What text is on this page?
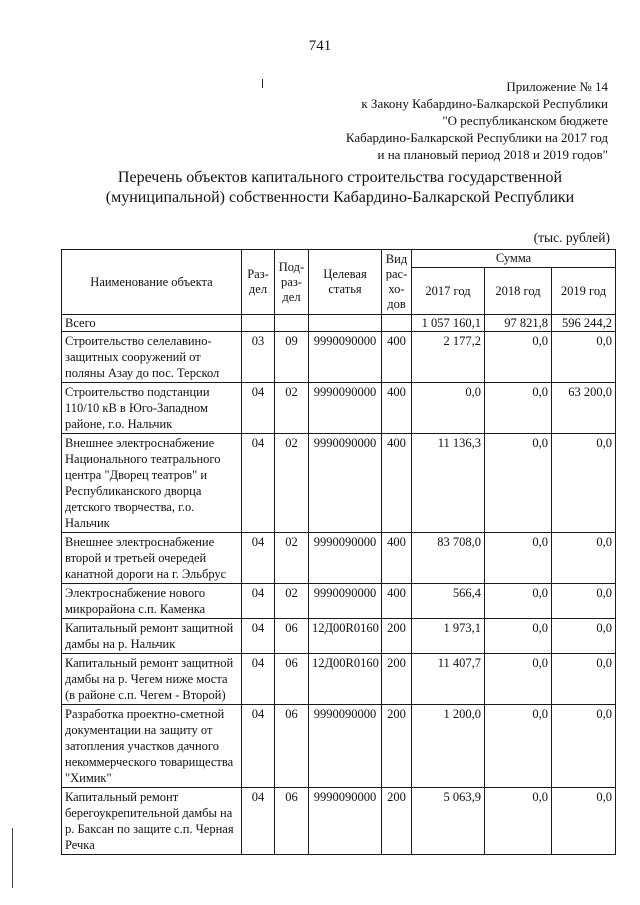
741
Приложение № 14
к Закону Кабардино-Балкарской Республики
"О республиканском бюджете
Кабардино-Балкарской Республики на 2017 год
и на плановый период 2018 и 2019 годов"
Перечень объектов капитального строительства государственной
(муниципальной) собственности Кабардино-Балкарской Республики
(тыс. рублей)
Наименование объекта	Раз-дел	Под-раз-дел	Целевая статья	Вид рас-хо-дов	Сумма		
					2017 год	2018 год	2019 год
Всего					1 057 160,1	97 821,8	596 244,2
Строительство селелавино-защитных сооружений от поляны Азау до пос. Терскол	03	09	9990090000	400	2 177,2	0,0	0,0
Строительство подстанции 110/10 кВ в Юго-Западном районе, г.о. Нальчик	04	02	9990090000	400	0,0	0,0	63 200,0
Внешнее электроснабжение Национального театрального центра "Дворец театров" и Республиканского дворца детского творчества, г.о. Нальчик	04	02	9990090000	400	11 136,3	0,0	0,0
Внешнее электроснабжение второй и третьей очередей канатной дороги на г. Эльбрус	04	02	9990090000	400	83 708,0	0,0	0,0
Электроснабжение нового микрорайона с.п. Каменка	04	02	9990090000	400	566,4	0,0	0,0
Капитальный ремонт защитной дамбы на р. Нальчик	04	06	12Д00R0160	200	1 973,1	0,0	0,0
Капитальный ремонт защитной дамбы на р. Чегем ниже моста (в районе с.п. Чегем - Второй)	04	06	12Д00R0160	200	11 407,7	0,0	0,0
Разработка проектно-сметной документации на защиту от затопления участков дачного некоммерческого товарищества "Химик"	04	06	9990090000	200	1 200,0	0,0	0,0
Капитальный ремонт берегоукрепительной дамбы на р. Баксан по защите с.п. Черная Речка	04	06	9990090000	200	5 063,9	0,0	0,0
